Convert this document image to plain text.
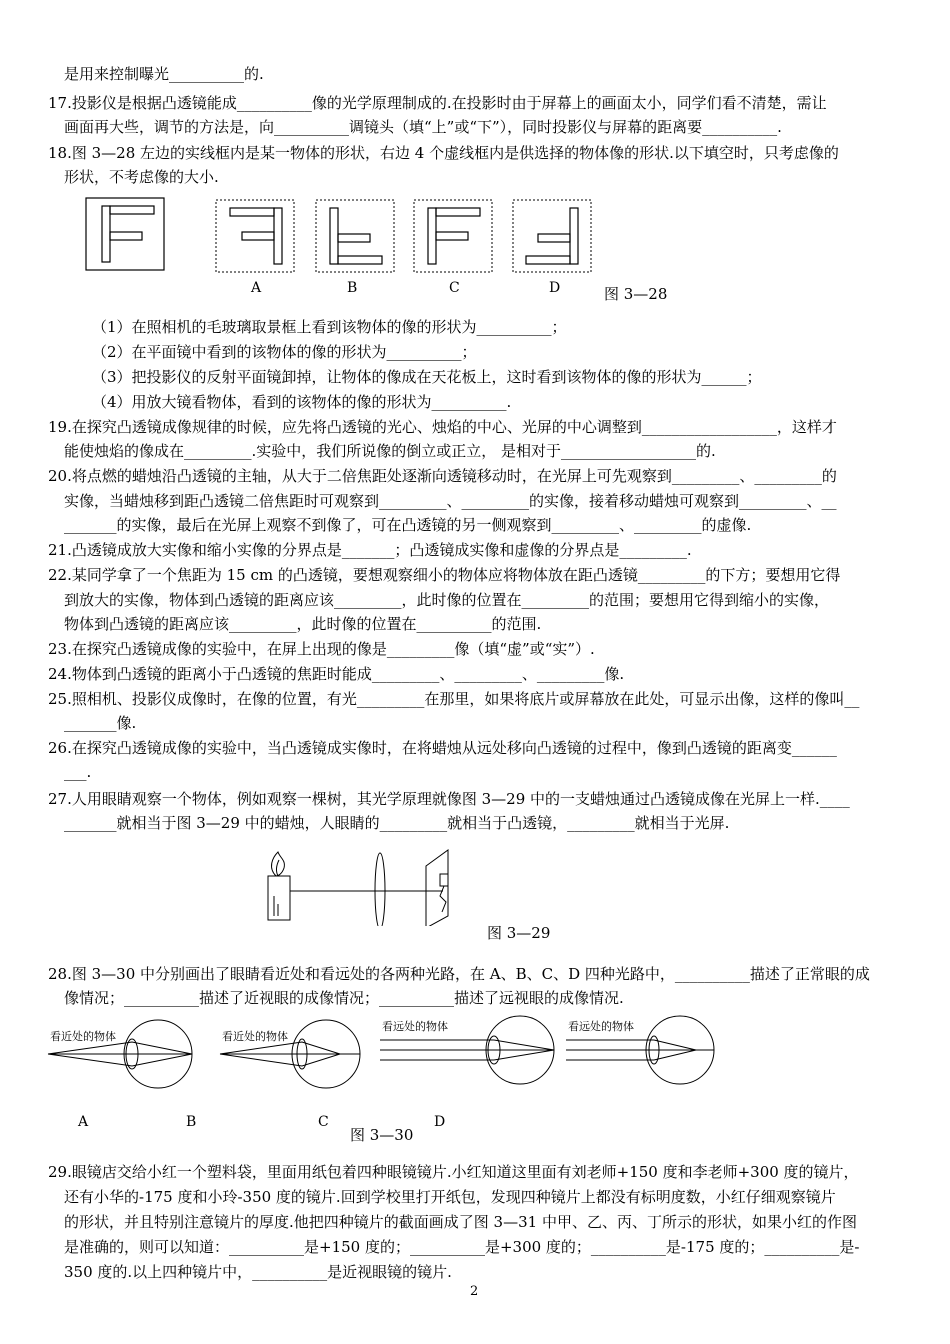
是用来控制曝光__________的.
17.投影仪是根据凸透镜能成__________像的光学原理制成的.在投影时由于屏幕上的画面太小，同学们看不清楚，需让
画面再大些，调节的方法是，向__________调镜头（填“上”或“下”），同时投影仪与屏幕的距离要__________.
18.图 3—28 左边的实线框内是某一物体的形状，右边 4 个虚线框内是供选择的物体像的形状.以下填空时，只考虑像的
形状，不考虑像的大小.
A	B	C	D	图 3—28
（1）在照相机的毛玻璃取景框上看到该物体的像的形状为__________；
（2）在平面镜中看到的该物体的像的形状为__________；
（3）把投影仪的反射平面镜卸掉，让物体的像成在天花板上，这时看到该物体的像的形状为______；
（4）用放大镜看物体，看到的该物体的像的形状为__________.
19.在探究凸透镜成像规律的时候，应先将凸透镜的光心、烛焰的中心、光屏的中心调整到__________________，这样才
能使烛焰的像成在_________.实验中，我们所说像的倒立或正立， 是相对于__________________的.
20.将点燃的蜡烛沿凸透镜的主轴，从大于二倍焦距处逐渐向透镜移动时，在光屏上可先观察到_________、_________的
实像，当蜡烛移到距凸透镜二倍焦距时可观察到_________、_________的实像，接着移动蜡烛可观察到_________、__
_______的实像，最后在光屏上观察不到像了，可在凸透镜的另一侧观察到_________、_________的虚像.
21.凸透镜成放大实像和缩小实像的分界点是_______；凸透镜成实像和虚像的分界点是_________.
22.某同学拿了一个焦距为 15 cm 的凸透镜，要想观察细小的物体应将物体放在距凸透镜_________的下方；要想用它得
到放大的实像，物体到凸透镜的距离应该_________，此时像的位置在_________的范围；要想用它得到缩小的实像，
物体到凸透镜的距离应该_________，此时像的位置在__________的范围.
23.在探究凸透镜成像的实验中，在屏上出现的像是_________像（填“虚”或“实”）.
24.物体到凸透镜的距离小于凸透镜的焦距时能成_________、_________、_________像.
25.照相机、投影仪成像时，在像的位置，有光_________在那里，如果将底片或屏幕放在此处，可显示出像，这样的像叫__
_______像.
26.在探究凸透镜成像的实验中，当凸透镜成实像时，在将蜡烛从远处移向凸透镜的过程中，像到凸透镜的距离变______
___.
27.人用眼睛观察一个物体，例如观察一棵树，其光学原理就像图 3—29 中的一支蜡烛通过凸透镜成像在光屏上一样.____
_______就相当于图 3—29 中的蜡烛，人眼睛的_________就相当于凸透镜，_________就相当于光屏.
图 3—29
28.图 3—30 中分别画出了眼睛看近处和看远处的各两种光路，在 A、B、C、D 四种光路中，__________描述了正常眼的成
像情况；__________描述了近视眼的成像情况；__________描述了远视眼的成像情况.
看近处的物体	看近处的物体
看远处的物体	看远处的物体
A	B	C
图 3—30
D
29.眼镜店交给小红一个塑料袋，里面用纸包着四种眼镜镜片.小红知道这里面有刘老师+150 度和李老师+300 度的镜片，
还有小华的-175 度和小玲-350 度的镜片.回到学校里打开纸包，发现四种镜片上都没有标明度数，小红仔细观察镜片
的形状，并且特别注意镜片的厚度.他把四种镜片的截面画成了图 3—31 中甲、乙、丙、丁所示的形状，如果小红的作图
是准确的，则可以知道：__________是+150 度的；__________是+300 度的；__________是-175 度的；__________是-
350 度的.以上四种镜片中，__________是近视眼镜的镜片.
2
